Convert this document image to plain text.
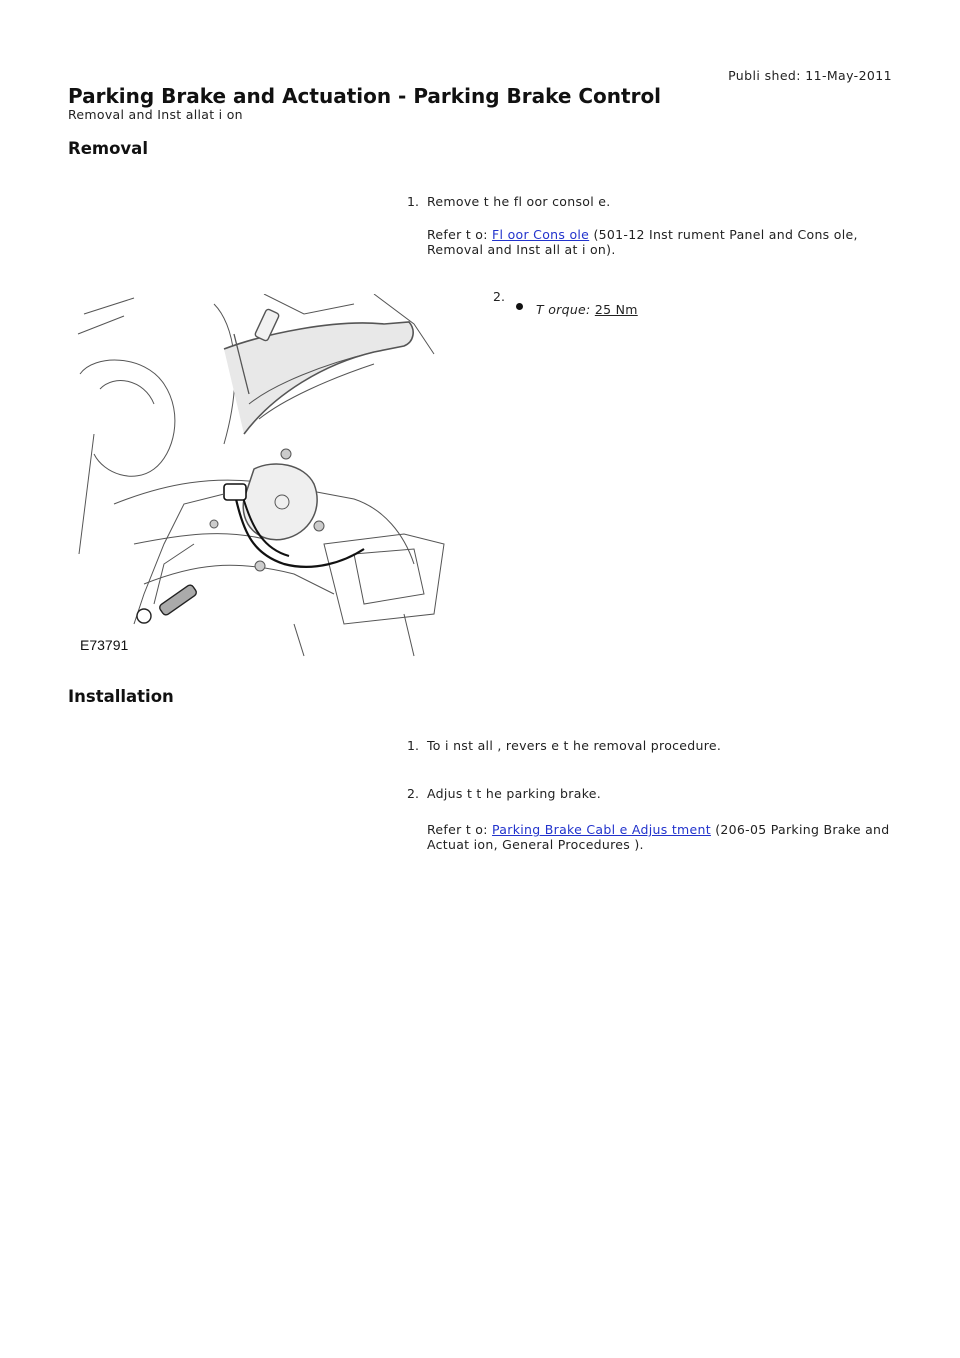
Publi shed: 11-May-2011
Parking Brake and Actuation - Parking Brake Control
Removal and Inst allat i on
Removal
1. Remove t he fl oor consol e.
Refer t o: Fl oor Cons ole (501-12 Inst rument Panel and Cons ole,
Removal and Inst all at i on).
2.
T orque: 25 Nm
E73791
Installation
1. To i nst all , revers e t he removal procedure.
2. Adjus t t he parking brake.
Refer t o: Parking Brake Cabl e Adjus tment (206-05 Parking Brake and
Actuat ion, General Procedures ).
